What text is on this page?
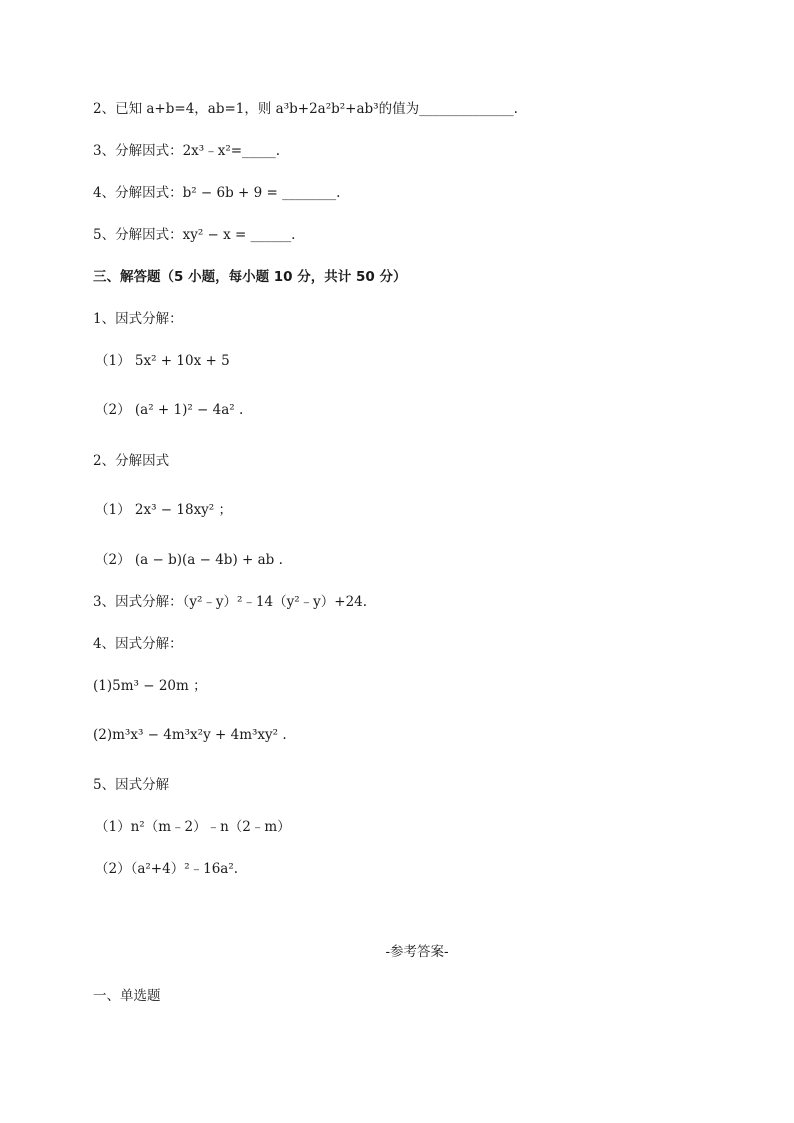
2、已知 a+b=4，ab=1，则 a³b+2a²b²+ab³的值为______________.
3、分解因式：2x³﹣x²=_____.
4、分解因式：b² − 6b + 9 = ________.
5、分解因式：xy² − x = ______.
三、解答题（5 小题，每小题 10 分，共计 50 分）
1、因式分解：
（1） 5x² + 10x + 5
（2） (a² + 1)² − 4a² .
2、分解因式
（1） 2x³ − 18xy² ；
（2） (a − b)(a − 4b) + ab .
3、因式分解：（y²﹣y）²﹣14（y²﹣y）+24.
4、因式分解：
(1)5m³ − 20m ；
(2)m³x³ − 4m³x²y + 4m³xy² .
5、因式分解
（1）n²（m﹣2）﹣n（2﹣m）
（2）（a²+4）²﹣16a².
-参考答案-
一、单选题
